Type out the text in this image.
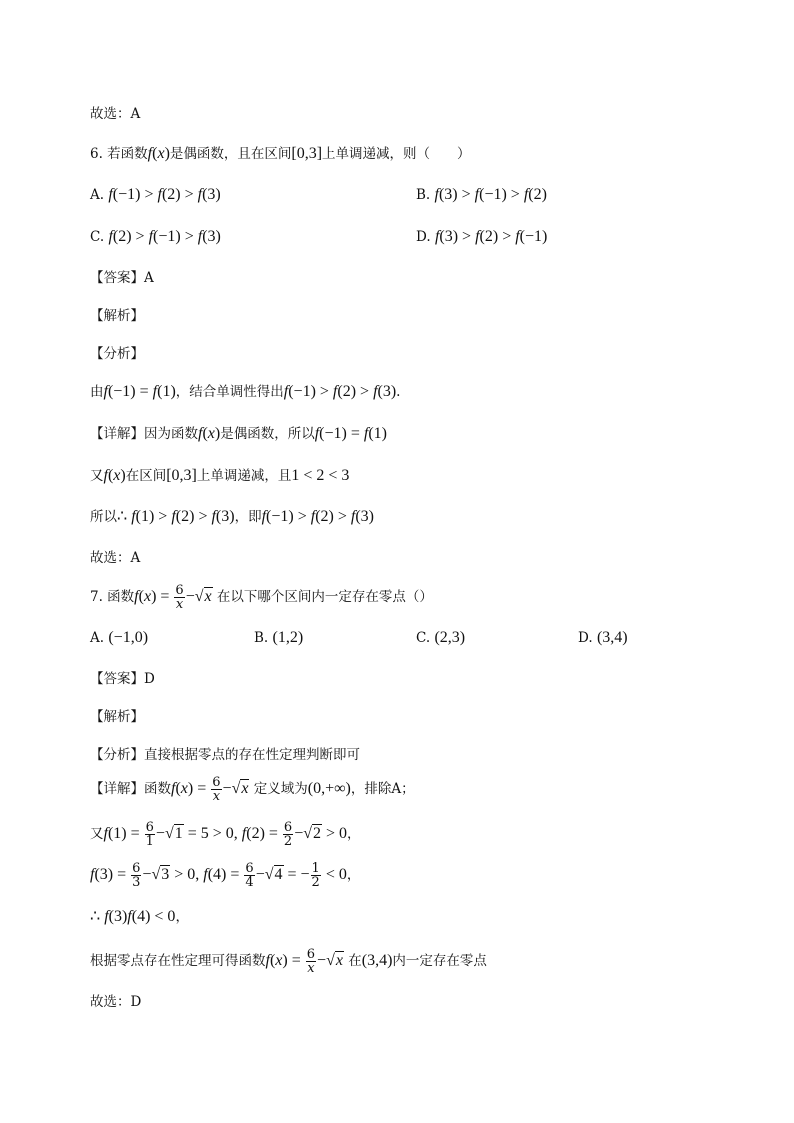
故选：A
6. 若函数f(x)是偶函数，且在区间[0,3]上单调递减，则（　　）
A. f(−1) > f(2) > f(3)	B. f(3) > f(−1) > f(2)
C. f(2) > f(−1) > f(3)	D. f(3) > f(2) > f(−1)
【答案】A
【解析】
【分析】
由f(−1) = f(1)，结合单调性得出f(−1) > f(2) > f(3).
【详解】因为函数f(x)是偶函数，所以f(−1) = f(1)
又f(x)在区间[0,3]上单调递减，且1 < 2 < 3
所以∴ f(1) > f(2) > f(3)，即f(−1) > f(2) > f(3)
故选：A
7. 函数$f(x) = \frac{6}{x} -√x$ 在以下哪个区间内一定存在零点（）
A. (−1,0)	B. (1,2)	C. (2,3)	D. (3,4)
【答案】D
【解析】
【分析】直接根据零点的存在性定理判断即可
【详解】函数$f(x) = \frac{6}{x} -√x$ 定义域为(0,+∞)，排除A；
又$f(1) = \frac{6}{1} -√1 = 5 > 0$, $f(2) = \frac{6}{2} -√2 > 0$，
$f(3) = \frac{6}{3} -√3 > 0$, $f(4) = \frac{6}{4} -√4$ = − $\frac{1}{2} < 0$，
∴ f(3)f(4) < 0，
根据零点存在性定理可得函数$f(x) = \frac{6}{x} -√x$ 在(3,4)内一定存在零点
故选：D
